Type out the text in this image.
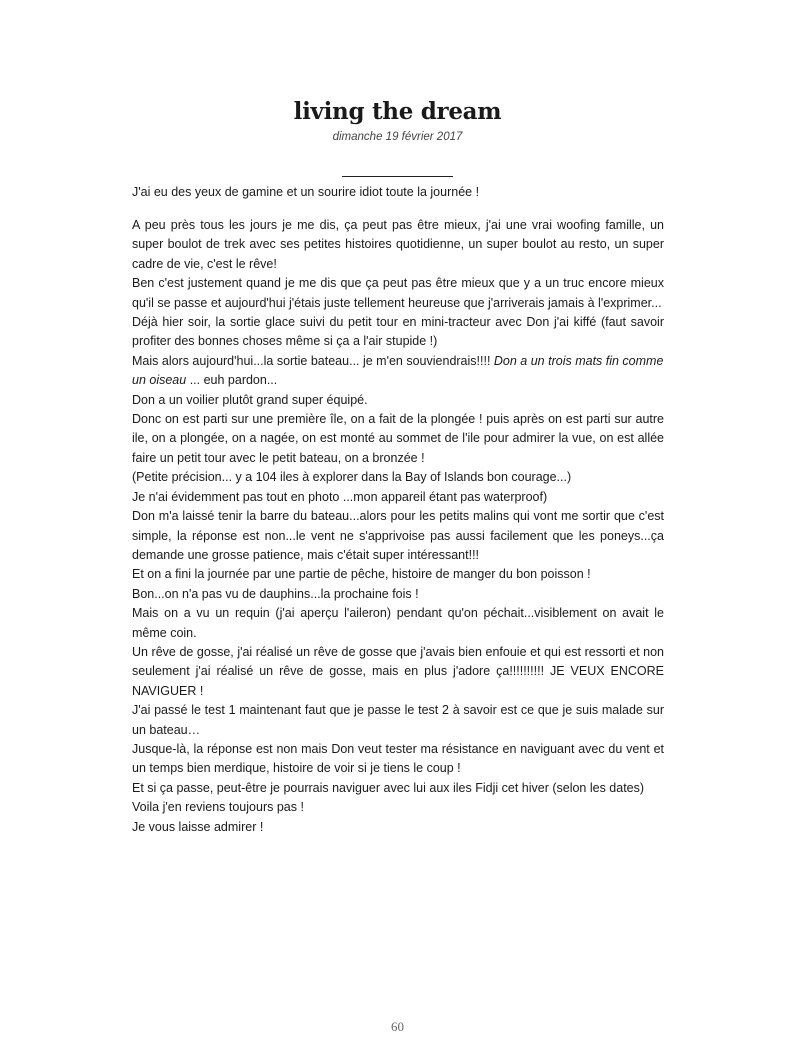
living the dream
dimanche 19 février 2017

J'ai eu des yeux de gamine et un sourire idiot toute la journée !

A peu près tous les jours je me dis, ça peut pas être mieux, j'ai une vrai woofing famille, un super boulot de trek avec ses petites histoires quotidienne, un super boulot au resto, un super cadre de vie, c'est le rêve!

Ben c'est justement quand je me dis que ça peut pas être mieux que y a un truc encore mieux qu'il se passe et aujourd'hui j'étais juste tellement heureuse que j'arriverais jamais à l'exprimer...

Déjà hier soir, la sortie glace suivi du petit tour en mini-tracteur avec Don j'ai kiffé (faut savoir profiter des bonnes choses même si ça a l'air stupide !)

Mais alors aujourd'hui...la sortie bateau... je m'en souviendrais!!!! Don a un trois mats fin comme un oiseau ... euh pardon...

Don a un voilier plutôt grand super équipé.

Donc on est parti sur une première île, on a fait de la plongée ! puis après on est parti sur autre ile, on a plongée, on a nagée, on est monté au sommet de l'ile pour admirer la vue, on est allée faire un petit tour avec le petit bateau, on a bronzée !

(Petite précision... y a 104 iles à explorer dans la Bay of Islands bon courage...)

Je n'ai évidemment pas tout en photo ...mon appareil étant pas waterproof)

Don m'a laissé tenir la barre du bateau...alors pour les petits malins qui vont me sortir que c'est simple, la réponse est non...le vent ne s'apprivoise pas aussi facilement que les poneys...ça demande une grosse patience, mais c'était super intéressant!!!

Et on a fini la journée par une partie de pêche, histoire de manger du bon poisson !

Bon...on n'a pas vu de dauphins...la prochaine fois !

Mais on a vu un requin (j'ai aperçu l'aileron) pendant qu'on péchait...visiblement on avait le même coin.

Un rêve de gosse, j'ai réalisé un rêve de gosse que j'avais bien enfouie et qui est ressorti et non seulement j'ai réalisé un rêve de gosse, mais en plus j'adore ça!!!!!!!!!! JE VEUX ENCORE NAVIGUER !

J'ai passé le test 1 maintenant faut que je passe le test 2 à savoir est ce que je suis malade sur un bateau…

Jusque-là, la réponse est non mais Don veut tester ma résistance en naviguant avec du vent et un temps bien merdique, histoire de voir si je tiens le coup !

Et si ça passe, peut-être je pourrais naviguer avec lui aux iles Fidji cet hiver (selon les dates)

Voila j'en reviens toujours pas !

Je vous laisse admirer !

60
